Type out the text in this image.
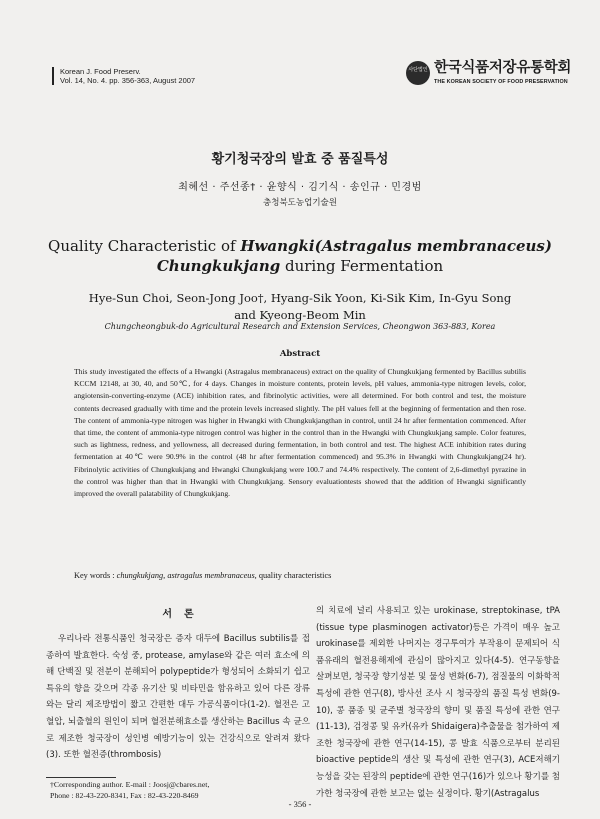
Korean J. Food Preserv.
Vol. 14, No. 4. pp. 356-363, August 2007
사단법인 한국식품저장유통학회
THE KOREAN SOCIETY OF FOOD PRESERVATION
황기청국장의 발효 중 품질특성
최혜선 · 주선종† · 윤향식 · 김기식 · 송인규 · 민경범
충청북도농업기술원
Quality Characteristic of Hwangki(Astragalus membranaceus)
Chungkukjang during Fermentation
Hye-Sun Choi, Seon-Jong Joo†, Hyang-Sik Yoon, Ki-Sik Kim, In-Gyu Song
and Kyeong-Beom Min
Chungcheongbuk-do Agricultural Research and Extension Services, Cheongwon 363-883, Korea
Abstract
This study investigated the effects of a Hwangki (Astragalus membranaceus) extract on the quality of Chungkukjang fermented by Bacillus subtilis KCCM 12148, at 30, 40, and 50℃, for 4 days. Changes in moisture contents, protein levels, pH values, ammonia-type nitrogen levels, color, angiotensin-converting-enzyme (ACE) inhibition rates, and fibrinolytic activities, were all determined. For both control and test, the moisture contents decreased gradually with time and the protein levels increased slightly. The pH values fell at the beginning of fermentation and then rose. The content of ammonia-type nitrogen was higher in Hwangki with Chungkukjangthan in control, until 24 hr after fermentation commenced. After that time, the content of ammonia-type nitrogen control was higher in the control than in the Hwangki with Chungkukjang sample. Color features, such as lightness, redness, and yellowness, all decreased during fermentation, in both control and test. The highest ACE inhibition rates during fermentation at 40℃ were 90.9% in the control (48 hr after fermentation commenced) and 95.3% in Hwangki with Chungkukjang(24 hr). Fibrinolytic activities of Chungkukjang and Hwangki Chungkukjang were 100.7 and 74.4% respectively. The content of 2,6-dimethyl pyrazine in the control was higher than that in Hwangki with Chungkukjang. Sensory evaluationtests showed that the addition of Hwangki significantly improved the overall palatability of Chungkukjang.
Key words : chungkukjang, astragalus membranaceus, quality characteristics
서론
우리나라 전통식품인 청국장은 증자 대두에 Bacillus subtilis를 접종하여 발효한다. 숙성 중, protease, amylase와 같은 여러 효소에 의해 단백질 및 전분이 분해되어 polypeptide가 형성되어 소화되기 쉽고 특유의 향을 갖으며 각종 유기산 및 비타민을 함유하고 있어 다른 장류와는 달리 제조방법이 짧고 간편한 대두 가공식품이다(1-2). 혈전은 고혈압, 뇌출혈의 원인이 되며 혈전분해효소를 생산하는 Bacillus 속 균으로 제조한 청국장이 성인병 예방기능이 있는 건강식으로 알려져 왔다(3). 또한 혈전증(thrombosis)
의 치료에 널리 사용되고 있는 urokinase, streptokinase, tPA (tissue type plasminogen activator)등은 가격이 매우 높고 urokinase를 제외한 나머지는 경구투여가 부작용이 문제되어 식품유래의 혈전용해제에 관심이 많아지고 있다(4-5). 연구동향을 살펴보면, 청국장 향기성분 및 물성 변화(6-7), 점질물의 이화학적 특성에 관한 연구(8), 방사선 조사 시 청국장의 품질 특성 변화(9-10), 콩 품종 및 균주별 청국장의 향미 및 품질 특성에 관한 연구(11-13), 검정콩 및 유카(유카 Shidaigera)추출물을 첨가하여 제조한 청국장에 관한 연구(14-15), 콩 발효 식품으로부터 분리된 bioactive peptide의 생산 및 특성에 관한 연구(3), ACE저해기능성을 갖는 된장의 peptide에 관한 연구(16)가 있으나 황기를 첨가한 청국장에 관한 보고는 없는 실정이다. 황기(Astragalus
†Corresponding author. E-mail : Joosj@cbares.net,
Phone : 82-43-220-8341, Fax : 82-43-220-8469
- 356 -
